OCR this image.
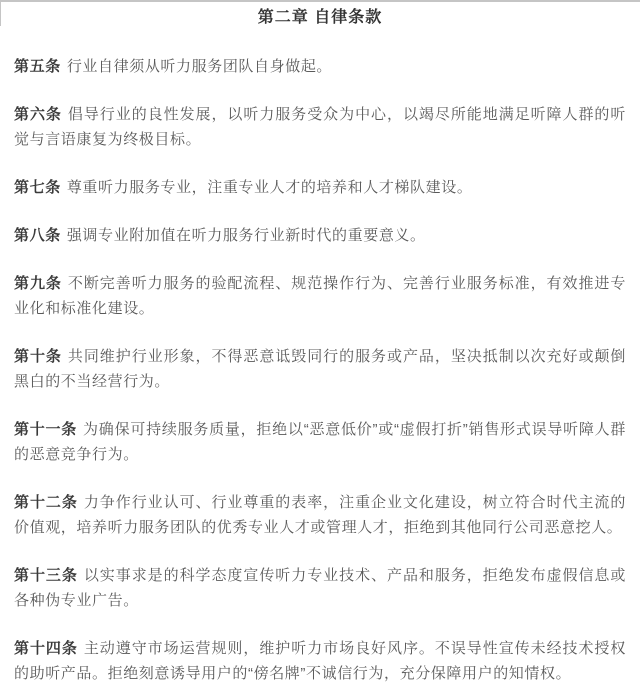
第二章 自律条款

第五条 行业自律须从听力服务团队自身做起。

第六条 倡导行业的良性发展，以听力服务受众为中心，以竭尽所能地满足听障人群的听觉与言语康复为终极目标。

第七条 尊重听力服务专业，注重专业人才的培养和人才梯队建设。

第八条 强调专业附加值在听力服务行业新时代的重要意义。

第九条 不断完善听力服务的验配流程、规范操作行为、完善行业服务标准，有效推进专业化和标准化建设。

第十条 共同维护行业形象，不得恶意诋毁同行的服务或产品，坚决抵制以次充好或颠倒黑白的不当经营行为。

第十一条 为确保可持续服务质量，拒绝以“恶意低价”或“虚假打折”销售形式误导听障人群的恶意竞争行为。

第十二条 力争作行业认可、行业尊重的表率，注重企业文化建设，树立符合时代主流的价值观，培养听力服务团队的优秀专业人才或管理人才，拒绝到其他同行公司恶意挖人。

第十三条 以实事求是的科学态度宣传听力专业技术、产品和服务，拒绝发布虚假信息或各种伪专业广告。

第十四条 主动遵守市场运营规则，维护听力市场良好风序。不误导性宣传未经技术授权的助听产品。拒绝刻意诱导用户的“傍名牌”不诚信行为，充分保障用户的知情权。
